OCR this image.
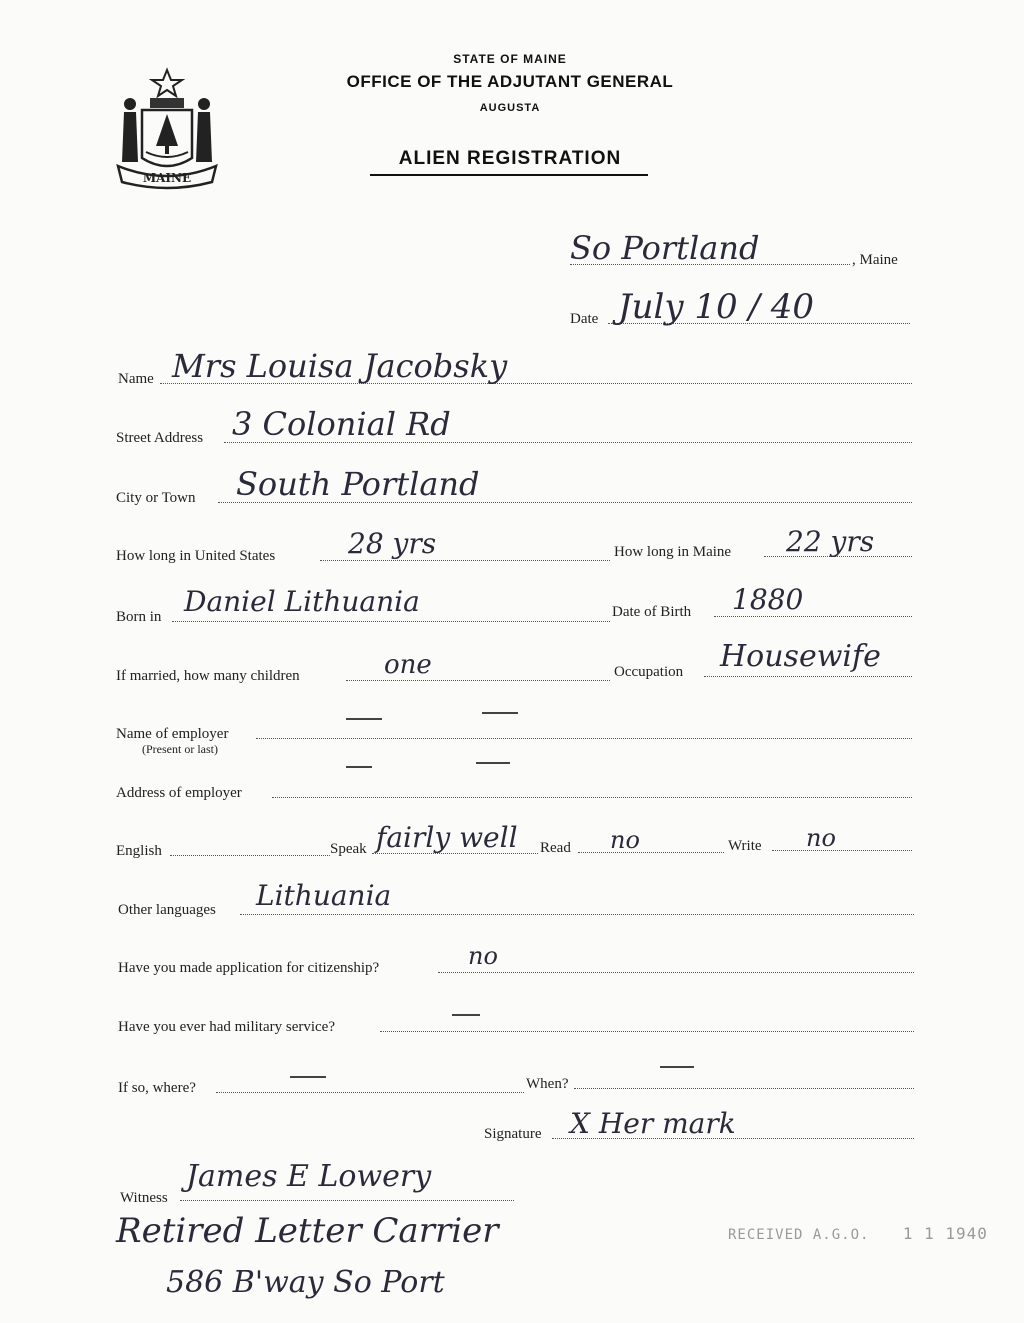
MAINE
STATE OF MAINE
OFFICE OF THE ADJUTANT GENERAL
AUGUSTA
ALIEN REGISTRATION
So Portland	, Maine
Date July 10 / 40
Name Mrs Louisa Jacobsky
Street Address 3 Colonial Rd
City or Town South Portland
How long in United States	28 yrs	How long in Maine 22 yrs
Born in Daniel Lithuania	Date of Birth 1880
If married, how many children	one	Occupation Housewife
Name of employer
(Present or last)
Address of employer
English	Speak fairly well Read no	Write no
Other languages Lithuania
Have you made application for citizenship?	no
Have you ever had military service?
If so, where?	When?
Signature X Her mark
Witness
James E Lowery
Retired Letter Carrier
586 B'way So Port
RECEIVED A.G.O. 1 1 1940
